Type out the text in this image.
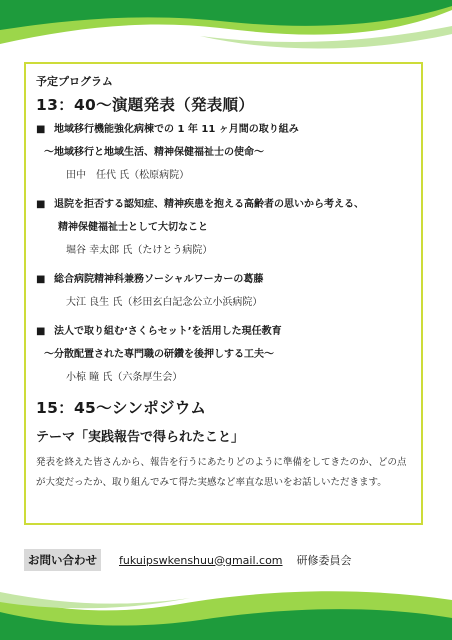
予定プログラム
13：40～演題発表（発表順）
■ 地域移行機能強化病棟での 1 年 11 ヶ月間の取り組み
～地域移行と地域生活、精神保健福祉士の使命～
田中　任代 氏（松原病院）
■ 退院を拒否する認知症、精神疾患を抱える高齢者の思いから考える、
精神保健福祉士として大切なこと
堀谷 幸太郎 氏（たけとう病院）
■ 総合病院精神科兼務ソーシャルワーカーの葛藤
大江 良生 氏（杉田玄白記念公立小浜病院）
■ 法人で取り組む‘さくらセット’を活用した現任教育
～分散配置された専門職の研鑽を後押しする工夫～
小椋 瞳 氏（六条厚生会）
15：45～シンポジウム
テーマ「実践報告で得られたこと」
発表を終えた皆さんから、報告を行うにあたりどのように準備をしてきたのか、どの点が大変だったか、取り組んでみて得た実感など率直な思いをお話しいただきます。
お問い合わせ	fukuipswkenshuu@gmail.com 研修委員会
